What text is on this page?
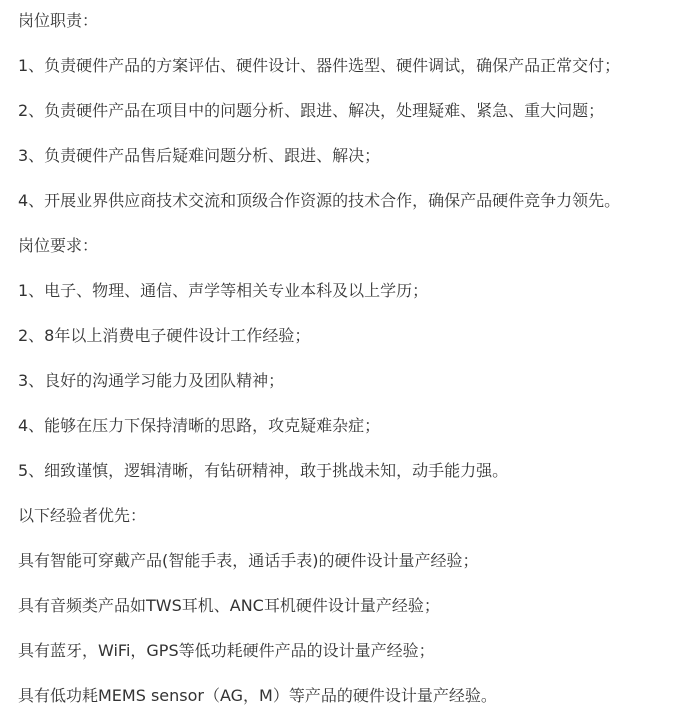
岗位职责：
1、负责硬件产品的方案评估、硬件设计、器件选型、硬件调试，确保产品正常交付；
2、负责硬件产品在项目中的问题分析、跟进、解决，处理疑难、紧急、重大问题；
3、负责硬件产品售后疑难问题分析、跟进、解决；
4、开展业界供应商技术交流和顶级合作资源的技术合作，确保产品硬件竞争力领先。
岗位要求：
1、电子、物理、通信、声学等相关专业本科及以上学历；
2、8年以上消费电子硬件设计工作经验；
3、良好的沟通学习能力及团队精神；
4、能够在压力下保持清晰的思路，攻克疑难杂症；
5、细致谨慎，逻辑清晰，有钻研精神，敢于挑战未知，动手能力强。
以下经验者优先：
具有智能可穿戴产品(智能手表，通话手表)的硬件设计量产经验；
具有音频类产品如TWS耳机、ANC耳机硬件设计量产经验；
具有蓝牙，WiFi，GPS等低功耗硬件产品的设计量产经验；
具有低功耗MEMS sensor（AG，M）等产品的硬件设计量产经验。
